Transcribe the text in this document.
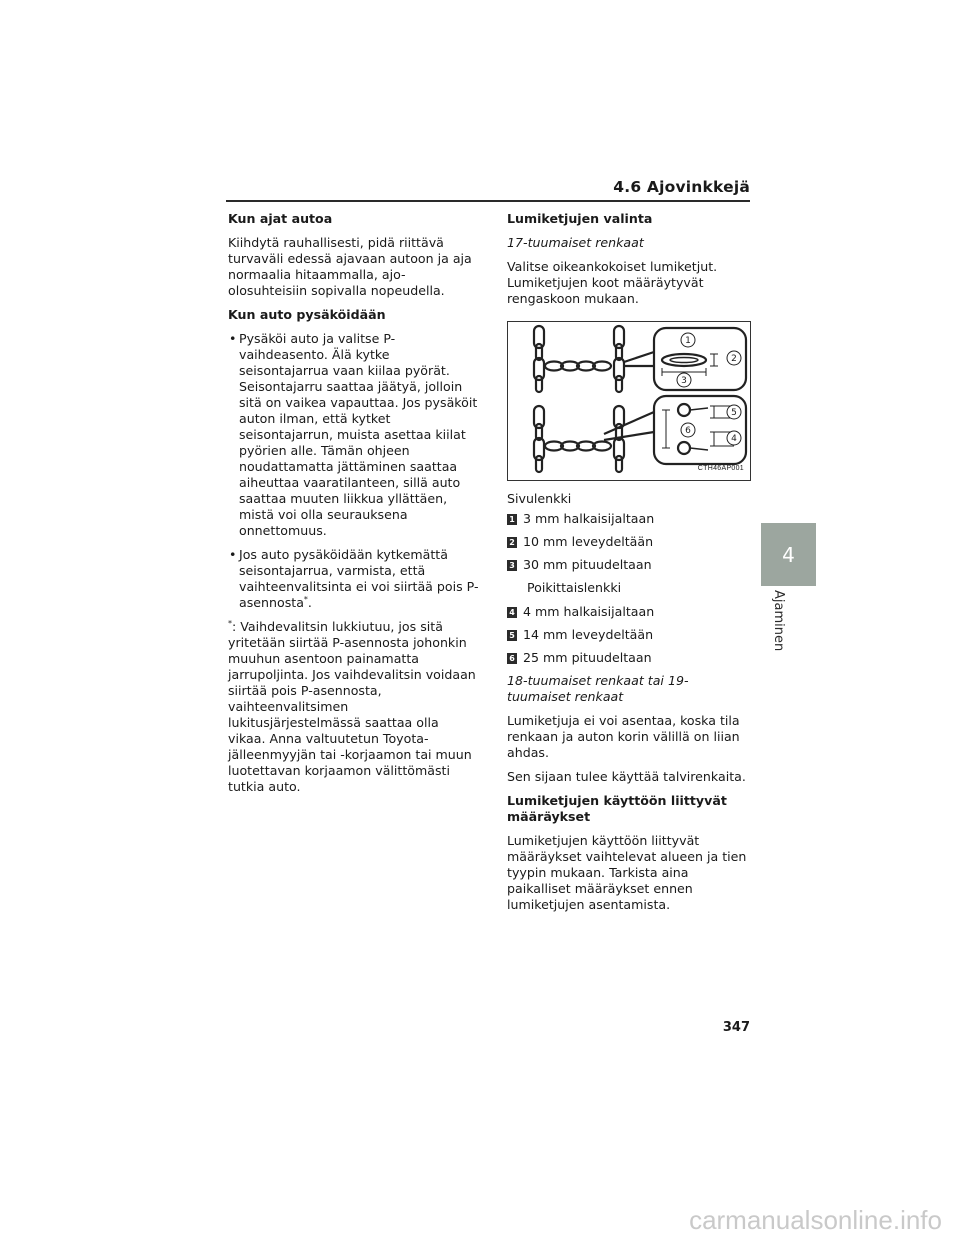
4.6 Ajovinkkejä

Kun ajat autoa

Kiihdytä rauhallisesti, pidä riittävä turvaväli edessä ajavaan autoon ja aja normaalia hitaammalla, ajo-olosuhteisiin sopivalla nopeudella.

Kun auto pysäköidään

• Pysäköi auto ja valitse P-vaihdeasento. Älä kytke seisontajarrua vaan kiilaa pyörät. Seisontajarru saattaa jäätyä, jolloin sitä on vaikea vapauttaa. Jos pysäköit auton ilman, että kytket seisontajarrun, muista asettaa kiilat pyörien alle. Tämän ohjeen noudattamatta jättäminen saattaa aiheuttaa vaaratilanteen, sillä auto saattaa muuten liikkua yllättäen, mistä voi olla seurauksena onnettomuus.
• Jos auto pysäköidään kytkemättä seisontajarrua, varmista, että vaihteenvalitsinta ei voi siirtää pois P-asennosta*.

*: Vaihdevalitsin lukkiutuu, jos sitä yritetään siirtää P-asennosta johonkin muuhun asentoon painamatta jarrupoljinta. Jos vaihdevalitsin voidaan siirtää pois P-asennosta, vaihteenvalitsimen lukitusjärjestelmässä saattaa olla vikaa. Anna valtuutetun Toyota-jälleenmyyjän tai -korjaamon tai muun luotettavan korjaamon välittömästi tutkia auto.

Lumiketjujen valinta

17-tuumaiset renkaat

Valitse oikeankokoiset lumiketjut. Lumiketjujen koot määräytyvät rengaskoon mukaan.

1
2
3
4
5
6
CTH46AP001

Sivulenkki

1 3 mm halkaisijaltaan
2 10 mm leveydeltään
3 30 mm pituudeltaan

Poikittaislenkki

4 4 mm halkaisijaltaan
5 14 mm leveydeltään
6 25 mm pituudeltaan

18-tuumaiset renkaat tai 19-tuumaiset renkaat

Lumiketjuja ei voi asentaa, koska tila renkaan ja auton korin välillä on liian ahdas.

Sen sijaan tulee käyttää talvirenkaita.

Lumiketjujen käyttöön liittyvät määräykset

Lumiketjujen käyttöön liittyvät määräykset vaihtelevat alueen ja tien tyypin mukaan. Tarkista aina paikalliset määräykset ennen lumiketjujen asentamista.

4
Ajaminen
347
carmanualsonline.info
